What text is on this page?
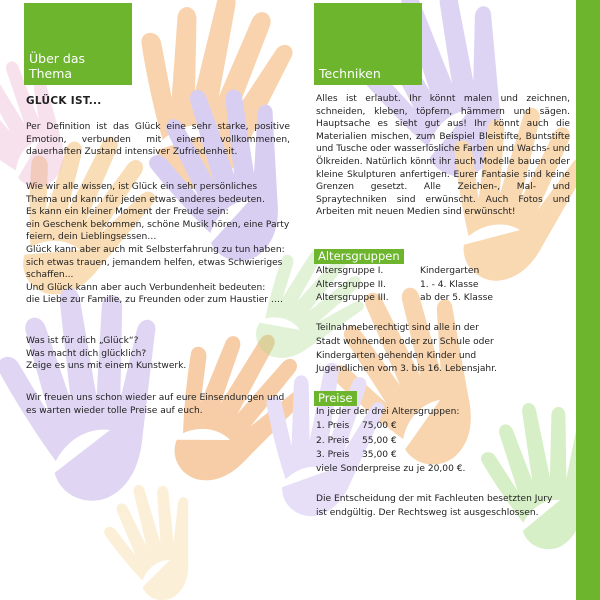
Über das Thema

GLÜCK IST...

Per Definition ist das Glück eine sehr starke, positive Emotion, verbunden mit einem vollkommenen, dauerhaften Zustand intensiver Zufriedenheit.

Wie wir alle wissen, ist Glück ein sehr persönliches
Thema und kann für jeden etwas anderes bedeuten.
Es kann ein kleiner Moment der Freude sein:
ein Geschenk bekommen, schöne Musik hören, eine Party
feiern, dein Lieblingsessen…
Glück kann aber auch mit Selbsterfahrung zu tun haben:
sich etwas trauen, jemandem helfen, etwas Schwieriges
schaffen...
Und Glück kann aber auch Verbundenheit bedeuten:
die Liebe zur Familie, zu Freunden oder zum Haustier ….
Was ist für dich „Glück“?
Was macht dich glücklich?
Zeige es uns mit einem Kunstwerk.
Wir freuen uns schon wieder auf eure Einsendungen und
es warten wieder tolle Preise auf euch.
Techniken

Alles ist erlaubt. Ihr könnt malen und zeichnen, schneiden, kleben, töpfern, hämmern und sägen. Hauptsache es sieht gut aus! Ihr könnt auch die Materialien mischen, zum Beispiel Bleistifte, Buntstifte und Tusche oder wasserlösliche Farben und Wachs- und Ölkreiden. Natürlich könnt ihr auch Modelle bauen oder kleine Skulpturen anfertigen. Eurer Fantasie sind keine Grenzen gesetzt. Alle Zeichen-, Mal- und Spraytechniken sind erwünscht. Auch Fotos und Arbeiten mit neuen Medien sind erwünscht!

Altersgruppen
Altersgruppe I.	Kindergarten
Altersgruppe II.	1. - 4. Klasse
Altersgruppe III.	ab der 5. Klasse
Teilnahmeberechtigt sind alle in der
Stadt wohnenden oder zur Schule oder
Kindergarten gehenden Kinder und
Jugendlichen vom 3. bis 16. Lebensjahr.
Preise
In jeder der drei Altersgruppen:
1. Preis	75,00 €
2. Preis	55,00 €
3. Preis	35,00 €
viele Sonderpreise zu je 20,00 €.
Die Entscheidung der mit Fachleuten besetzten Jury
ist endgültig. Der Rechtsweg ist ausgeschlossen.
